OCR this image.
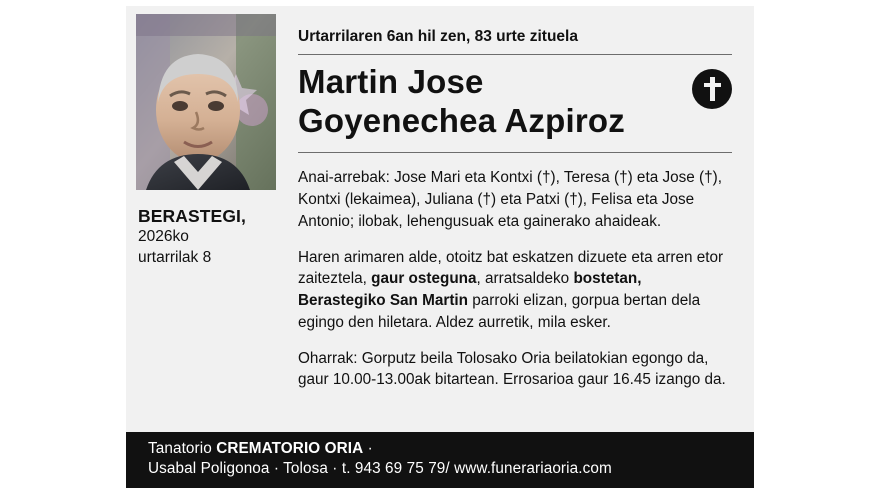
BERASTEGI,
2026ko
urtarrilak 8
Urtarrilaren 6an hil zen, 83 urte zituela
Martin Jose
Goyenechea Azpiroz
Anai-arrebak: Jose Mari eta Kontxi (†), Teresa (†) eta Jose (†), Kontxi (lekaimea), Juliana (†) eta Patxi (†), Felisa eta Jose Antonio; ilobak, lehengusuak eta gainerako ahaideak.
Haren arimaren alde, otoitz bat eskatzen dizuete eta arren etor zaiteztela, gaur osteguna, arratsaldeko bostetan, Berastegiko San Martin parroki elizan, gorpua bertan dela egingo den hiletara. Aldez aurretik, mila esker.
Oharrak: Gorputz beila Tolosako Oria beilatokian egongo da, gaur 10.00-13.00ak bitartean. Errosarioa gaur 16.45 izango da.
Tanatorio CREMATORIO ORIA ·
Usabal Poligonoa · Tolosa · t. 943 69 75 79/ www.funerariaoria.com
